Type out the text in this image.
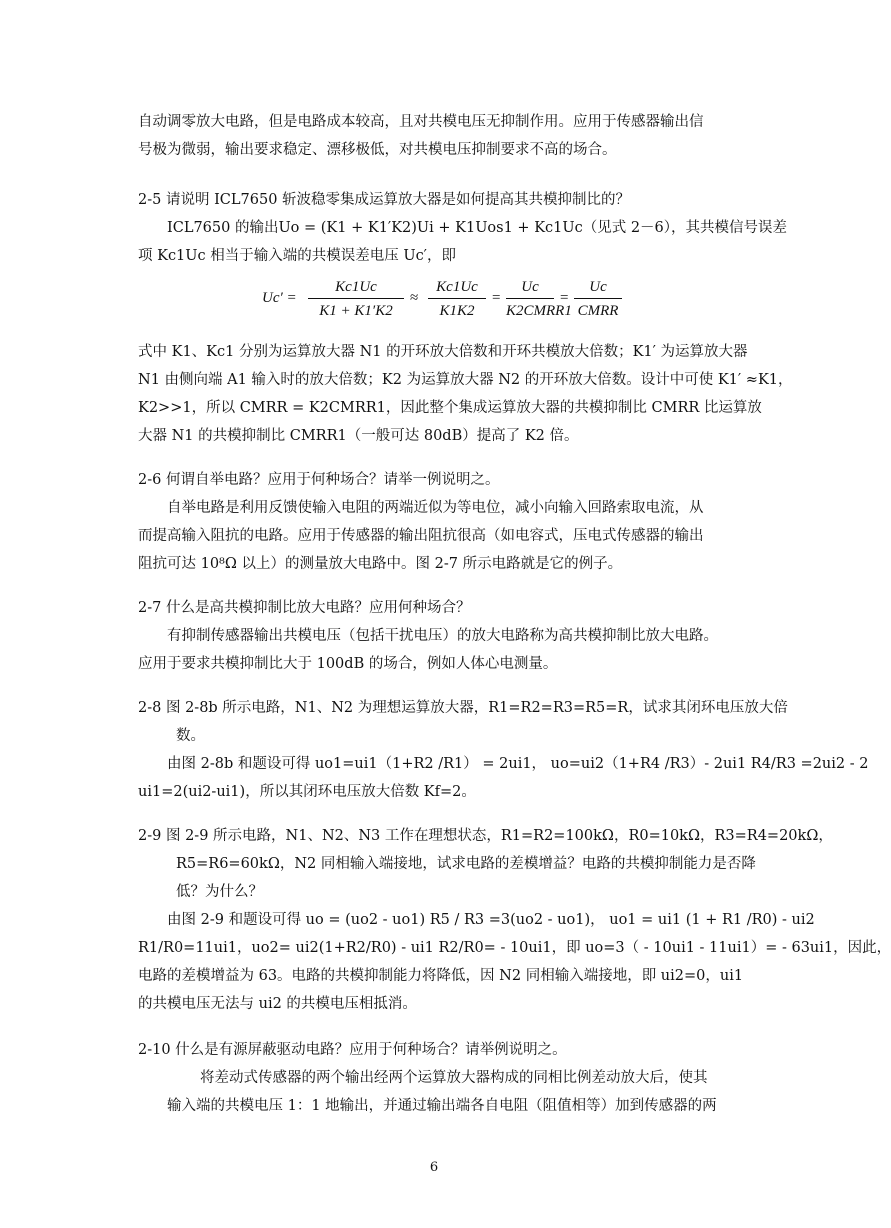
自动调零放大电路，但是电路成本较高，且对共模电压无抑制作用。应用于传感器输出信
号极为微弱，输出要求稳定、漂移极低，对共模电压抑制要求不高的场合。
2-5 请说明 ICL7650 斩波稳零集成运算放大器是如何提高其共模抑制比的？
ICL7650 的输出Uo = (K1 + K1′K2)Ui + K1Uos1 + Kc1Uc（见式 2－6），其共模信号误差
项 Kc1Uc 相当于输入端的共模误差电压 Uc′，即
Uc′ =
Kc1Uc
K1 + K1′K2
≈
Kc1Uc
K1K2
=
Uc
K2CMRR1
=
Uc
CMRR
式中 K1、Kc1 分别为运算放大器 N1 的开环放大倍数和开环共模放大倍数；K1′ 为运算放大器
N1 由侧向端 A1 输入时的放大倍数；K2 为运算放大器 N2 的开环放大倍数。设计中可使 K1′ ≈K1，
K2>>1，所以 CMRR = K2CMRR1，因此整个集成运算放大器的共模抑制比 CMRR 比运算放
大器 N1 的共模抑制比 CMRR1（一般可达 80dB）提高了 K2 倍。
2-6 何谓自举电路？应用于何种场合？请举一例说明之。
自举电路是利用反馈使输入电阻的两端近似为等电位，减小向输入回路索取电流，从
而提高输入阻抗的电路。应用于传感器的输出阻抗很高（如电容式，压电式传感器的输出
阻抗可达 10⁸Ω 以上）的测量放大电路中。图 2-7 所示电路就是它的例子。
2-7 什么是高共模抑制比放大电路？应用何种场合？
有抑制传感器输出共模电压（包括干扰电压）的放大电路称为高共模抑制比放大电路。
应用于要求共模抑制比大于 100dB 的场合，例如人体心电测量。
2-8 图 2-8b 所示电路，N1、N2 为理想运算放大器，R1=R2=R3=R5=R，试求其闭环电压放大倍
数。
由图 2-8b 和题设可得 uo1=ui1（1+R2 /R1） = 2ui1， uo=ui2（1+R4 /R3）- 2ui1 R4/R3 =2ui2 - 2
ui1=2(ui2-ui1)，所以其闭环电压放大倍数 Kf=2。
2-9 图 2-9 所示电路，N1、N2、N3 工作在理想状态，R1=R2=100kΩ，R0=10kΩ，R3=R4=20kΩ，
R5=R6=60kΩ，N2 同相输入端接地，试求电路的差模增益？电路的共模抑制能力是否降
低？为什么？
由图 2-9 和题设可得 uo = (uo2 - uo1) R5 / R3 =3(uo2 - uo1)， uo1 = ui1 (1 + R1 /R0) - ui2
R1/R0=11ui1，uo2= ui2(1+R2/R0) - ui1 R2/R0= - 10ui1，即 uo=3（ - 10ui1 - 11ui1）= - 63ui1，因此，
电路的差模增益为 63。电路的共模抑制能力将降低，因 N2 同相输入端接地，即 ui2=0，ui1
的共模电压无法与 ui2 的共模电压相抵消。
2-10 什么是有源屏蔽驱动电路？应用于何种场合？请举例说明之。
将差动式传感器的两个输出经两个运算放大器构成的同相比例差动放大后，使其
输入端的共模电压 1：1 地输出，并通过输出端各自电阻（阻值相等）加到传感器的两
6
